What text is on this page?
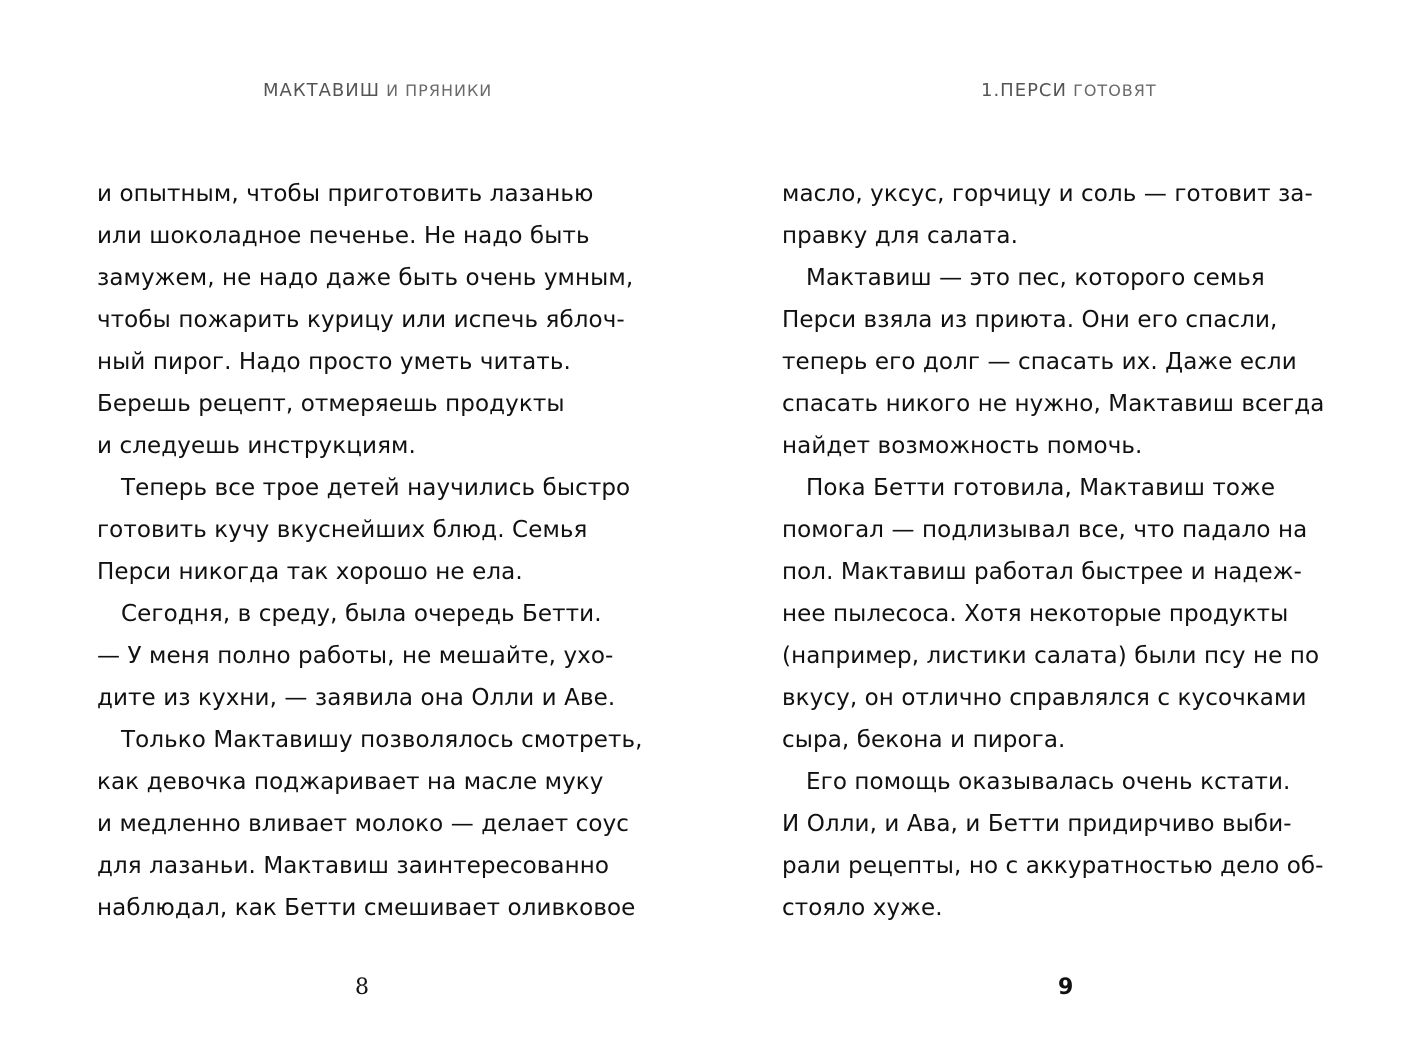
МАКТАВИШ И ПРЯНИКИ
и опытным, чтобы приготовить лазанью
или шоколадное печенье. Не надо быть
замужем, не надо даже быть очень умным,
чтобы пожарить курицу или испечь яблоч-
ный пирог. Надо просто уметь читать.
Берешь рецепт, отмеряешь продукты
и следуешь инструкциям.
Теперь все трое детей научились быстро
готовить кучу вкуснейших блюд. Семья
Перси никогда так хорошо не ела.
Сегодня, в среду, была очередь Бетти.
— У меня полно работы, не мешайте, ухо-
дите из кухни, — заявила она Олли и Аве.
Только Мактавишу позволялось смотреть,
как девочка поджаривает на масле муку
и медленно вливает молоко — делает соус
для лазаньи. Мактавиш заинтересованно
наблюдал, как Бетти смешивает оливковое
8
1.ПЕРСИ ГОТОВЯТ
масло, уксус, горчицу и соль — готовит за-
правку для салата.
Мактавиш — это пес, которого семья
Перси взяла из приюта. Они его спасли,
теперь его долг — спасать их. Даже если
спасать никого не нужно, Мактавиш всегда
найдет возможность помочь.
Пока Бетти готовила, Мактавиш тоже
помогал — подлизывал все, что падало на
пол. Мактавиш работал быстрее и надеж-
нее пылесоса. Хотя некоторые продукты
(например, листики салата) были псу не по
вкусу, он отлично справлялся с кусочками
сыра, бекона и пирога.
Его помощь оказывалась очень кстати.
И Олли, и Ава, и Бетти придирчиво выби-
рали рецепты, но с аккуратностью дело об-
стояло хуже.
9
